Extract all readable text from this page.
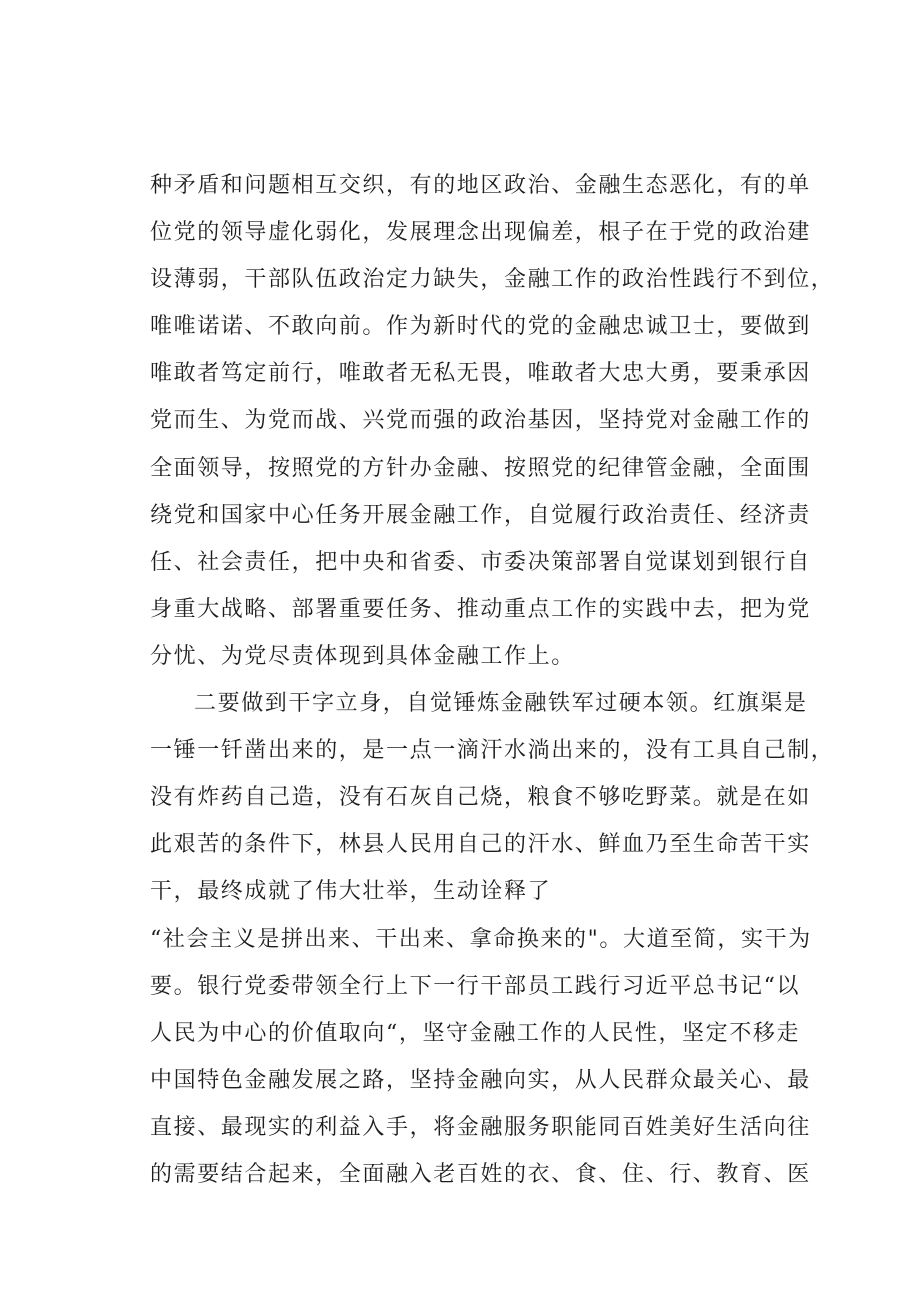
种矛盾和问题相互交织，有的地区政治、金融生态恶化，有的单
位党的领导虚化弱化，发展理念出现偏差，根子在于党的政治建
设薄弱，干部队伍政治定力缺失，金融工作的政治性践行不到位，
唯唯诺诺、不敢向前。作为新时代的党的金融忠诚卫士，要做到
唯敢者笃定前行，唯敢者无私无畏，唯敢者大忠大勇，要秉承因
党而生、为党而战、兴党而强的政治基因，坚持党对金融工作的
全面领导，按照党的方针办金融、按照党的纪律管金融，全面围
绕党和国家中心任务开展金融工作，自觉履行政治责任、经济责
任、社会责任，把中央和省委、市委决策部署自觉谋划到银行自
身重大战略、部署重要任务、推动重点工作的实践中去，把为党
分忧、为党尽责体现到具体金融工作上。
二要做到干字立身，自觉锤炼金融铁军过硬本领。红旗渠是
一锤一钎凿出来的，是一点一滴汗水淌出来的，没有工具自己制，
没有炸药自己造，没有石灰自己烧，粮食不够吃野菜。就是在如
此艰苦的条件下，林县人民用自己的汗水、鲜血乃至生命苦干实
干，最终成就了伟大壮举，生动诠释了
“社会主义是拼出来、干出来、拿命换来的"。大道至简，实干为
要。银行党委带领全行上下一行干部员工践行习近平总书记“以
人民为中心的价值取向“，坚守金融工作的人民性，坚定不移走
中国特色金融发展之路，坚持金融向实，从人民群众最关心、最
直接、最现实的利益入手，将金融服务职能同百姓美好生活向往
的需要结合起来，全面融入老百姓的衣、食、住、行、教育、医
